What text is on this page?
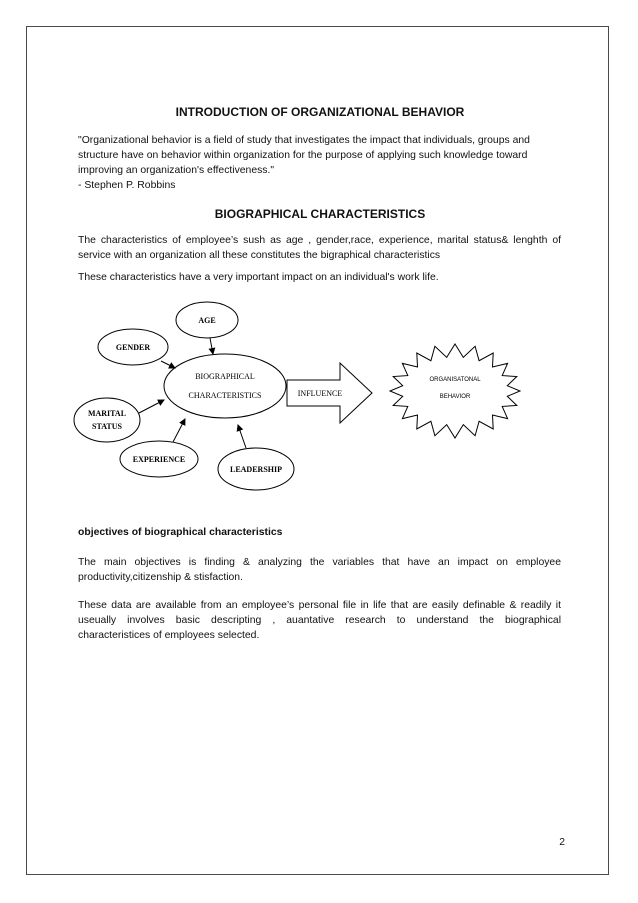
INTRODUCTION OF ORGANIZATIONAL BEHAVIOR
"Organizational behavior is a field of study that investigates the impact that individuals, groups and
structure have on behavior within organization for the purpose of applying such knowledge toward
improving an organization's effectiveness."
- Stephen P. Robbins
BIOGRAPHICAL CHARACTERISTICS
The characteristics of employee’s sush as age , gender,race, experience, marital status& lenghth of
service with an organization all these constitutes the bigraphical characteristics
These characteristics have a very important impact on an individual's work life.
AGE
GENDER
BIOGRAPHICAL
CHARACTERISTICS
MARITAL
STATUS
EXPERIENCE
LEADERSHIP
INFLUENCE
ORGANISATONAL
BEHAVIOR
objectives of biographical characteristics
The main objectives is finding & analyzing the variables that have an impact on employee
productivity,citizenship & stisfaction.
These data are available from an employee’s personal file in life that are easily definable & readily it
useually involves basic descripting , auantative research to understand the biographical
characteristices of employees selected.
2
